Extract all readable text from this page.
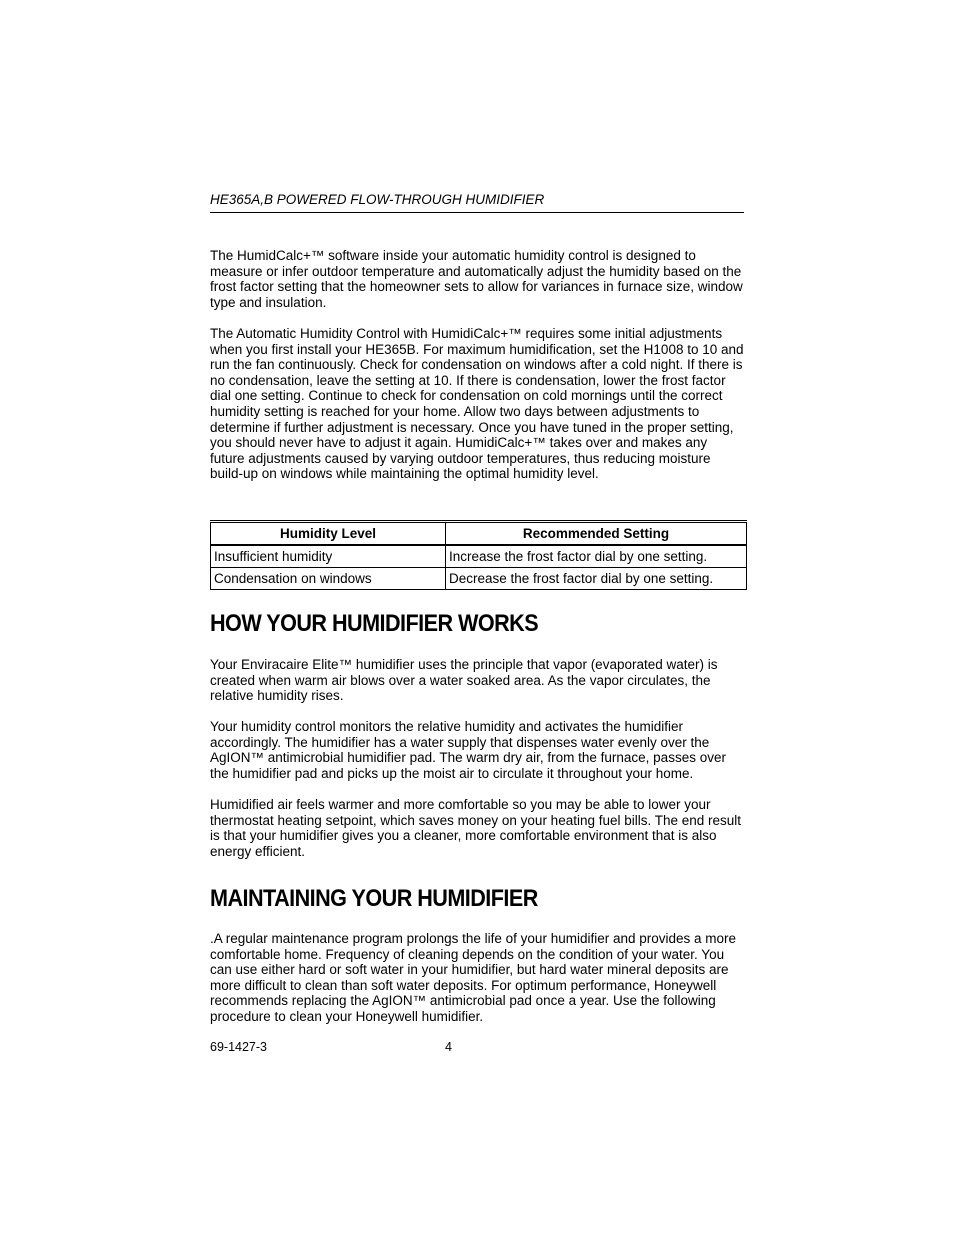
HE365A,B POWERED FLOW-THROUGH HUMIDIFIER

The HumidCalc+™ software inside your automatic humidity control is designed to measure or infer outdoor temperature and automatically adjust the humidity based on the frost factor setting that the homeowner sets to allow for variances in furnace size, window type and insulation.

The Automatic Humidity Control with HumidiCalc+™ requires some initial adjustments when you first install your HE365B. For maximum humidification, set the H1008 to 10 and run the fan continuously. Check for condensation on windows after a cold night. If there is no condensation, leave the setting at 10. If there is condensation, lower the frost factor dial one setting. Continue to check for condensation on cold mornings until the correct humidity setting is reached for your home. Allow two days between adjustments to determine if further adjustment is necessary. Once you have tuned in the proper setting, you should never have to adjust it again. HumidiCalc+™ takes over and makes any future adjustments caused by varying outdoor temperatures, thus reducing moisture build-up on windows while maintaining the optimal humidity level.

Humidity Level	Recommended Setting
Insufficient humidity	Increase the frost factor dial by one setting.
Condensation on windows	Decrease the frost factor dial by one setting.
HOW YOUR HUMIDIFIER WORKS

Your Enviracaire Elite™ humidifier uses the principle that vapor (evaporated water) is created when warm air blows over a water soaked area. As the vapor circulates, the relative humidity rises.

Your humidity control monitors the relative humidity and activates the humidifier accordingly. The humidifier has a water supply that dispenses water evenly over the AgION™ antimicrobial humidifier pad. The warm dry air, from the furnace, passes over the humidifier pad and picks up the moist air to circulate it throughout your home.

Humidified air feels warmer and more comfortable so you may be able to lower your thermostat heating setpoint, which saves money on your heating fuel bills. The end result is that your humidifier gives you a cleaner, more comfortable environment that is also energy efficient.

MAINTAINING YOUR HUMIDIFIER

.A regular maintenance program prolongs the life of your humidifier and provides a more comfortable home. Frequency of cleaning depends on the condition of your water. You can use either hard or soft water in your humidifier, but hard water mineral deposits are more difficult to clean than soft water deposits. For optimum performance, Honeywell recommends replacing the AgION™ antimicrobial pad once a year. Use the following procedure to clean your Honeywell humidifier.

69-1427-3	4
